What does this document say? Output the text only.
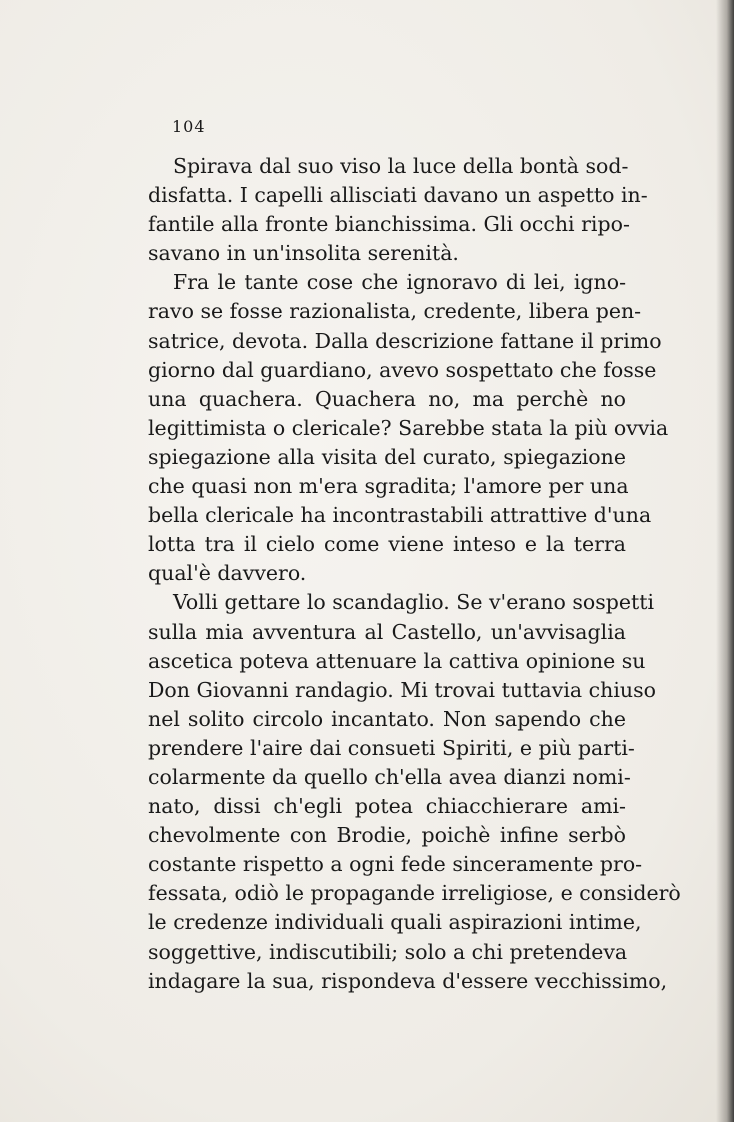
104
Spirava dal suo viso la luce della bontà sod-
disfatta. I capelli allisciati davano un aspetto in-
fantile alla fronte bianchissima. Gli occhi ripo-
savano in un'insolita serenità.
Fra le tante cose che ignoravo di lei, igno-
ravo se fosse razionalista, credente, libera pen-
satrice, devota. Dalla descrizione fattane il primo
giorno dal guardiano, avevo sospettato che fosse
una quachera. Quachera no, ma perchè no
legittimista o clericale? Sarebbe stata la più ovvia
spiegazione alla visita del curato, spiegazione
che quasi non m'era sgradita; l'amore per una
bella clericale ha incontrastabili attrattive d'una
lotta tra il cielo come viene inteso e la terra
qual'è davvero.
Volli gettare lo scandaglio. Se v'erano sospetti
sulla mia avventura al Castello, un'avvisaglia
ascetica poteva attenuare la cattiva opinione su
Don Giovanni randagio. Mi trovai tuttavia chiuso
nel solito circolo incantato. Non sapendo che
prendere l'aire dai consueti Spiriti, e più parti-
colarmente da quello ch'ella avea dianzi nomi-
nato, dissi ch'egli potea chiacchierare ami-
chevolmente con Brodie, poichè infine serbò
costante rispetto a ogni fede sinceramente pro-
fessata, odiò le propagande irreligiose, e considerò
le credenze individuali quali aspirazioni intime,
soggettive, indiscutibili; solo a chi pretendeva
indagare la sua, rispondeva d'essere vecchissimo,
